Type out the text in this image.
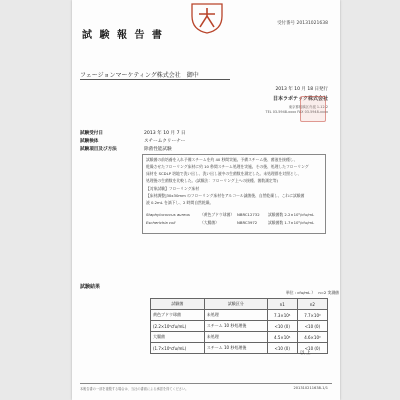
試 験 報 告 書
受付番号 20131021638
フェージョンマーケティング株式会社　御中
2013 年 10 月 18 日発行
日本ラボテック株式会社
東京都板橋区舟渡 1-12-2
TEL 03-5948-xxxx FAX 03-5948-xxxx
試験受付日	2013 年 10 月 7 日
試験検体	スチームクリーナー
試験項目及び方法	除菌性能試験
試験菌の前培養を入れ予備スチームを約 40 秒間実施。予備スチーム後、菌液を接種し、
乾燥させたフローリング床材に約 10 秒間スチーム処理を実施。その後、処理したフローリング
床材を SCDLP 培地で洗い出し、洗い出し液中の生菌数を測定した。未処理群を対照とし、
処理後の生菌数を比較した。(試験法：フローリング上への接種、菌数測定等)
【対象試験】フローリング床材
【床材調整]30x30mm のフローリング床材をアルコール滅菌後、自然乾燥し、これに試験菌
液 0.2mL を滴下し、2 時間自然乾燥。
Staphylococcus aureus	（黄色ブドウ球菌） NBRC12732 試験菌数 2.2×10⁵/cfu/mL
Escherichia coli	（大腸菌）	NBRC3972	試験菌数 1.7×10⁵/cfu/mL
試験結果
単位 : cfu/mL ）　 n=2 実測値
試験菌	試験区分	n1	n2
黄色ブドウ球菌	未処理	7.3×10⁴	7.7×10⁴
(2.2×10⁵cfu/mL)	スチーム 10 秒処理後	<10 (0)	<10 (0)
大腸菌	未処理	4.5×10⁴	4.6×10⁴
(1.7×10⁵cfu/mL)	スチーム 10 秒処理後	<10 (0)	<10 (0)
以 上
本報告書の一部を複製する場合は、当社の書面による承認を得てください。	201310211638-1/1
